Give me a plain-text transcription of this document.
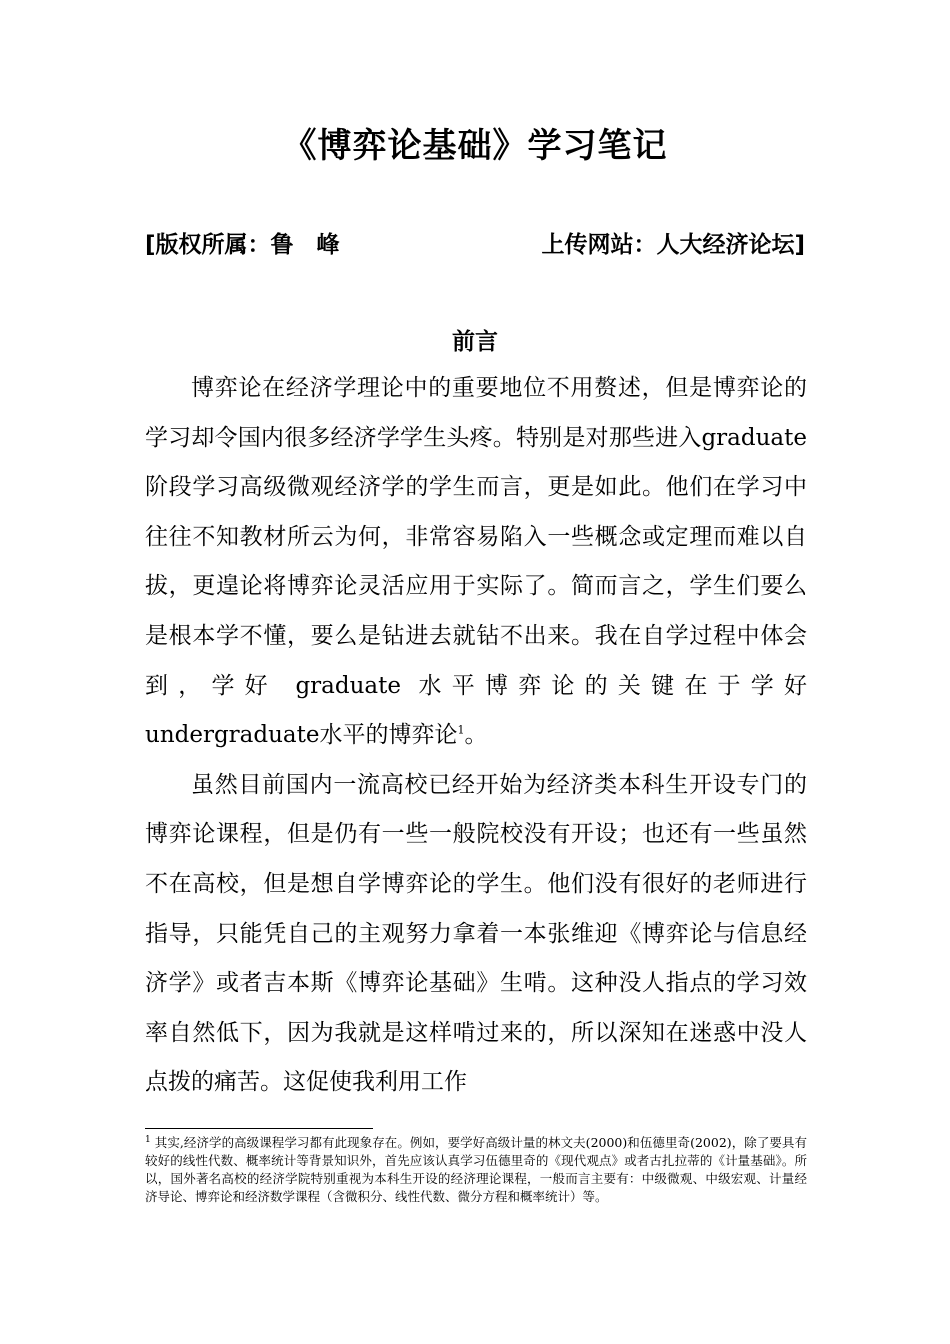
《博弈论基础》学习笔记
[版权所属：鲁　峰	上传网站：人大经济论坛]
前言

博弈论在经济学理论中的重要地位不用赘述，但是博弈论的学习却令国内很多经济学学生头疼。特别是对那些进入graduate阶段学习高级微观经济学的学生而言，更是如此。他们在学习中往往不知教材所云为何，非常容易陷入一些概念或定理而难以自拔，更遑论将博弈论灵活应用于实际了。简而言之，学生们要么是根本学不懂，要么是钻进去就钻不出来。我在自学过程中体会到，学好 graduate 水平博弈论的关键在于学好undergraduate水平的博弈论$^1$。

虽然目前国内一流高校已经开始为经济类本科生开设专门的博弈论课程，但是仍有一些一般院校没有开设；也还有一些虽然不在高校，但是想自学博弈论的学生。他们没有很好的老师进行指导，只能凭自己的主观努力拿着一本张维迎《博弈论与信息经济学》或者吉本斯《博弈论基础》生啃。这种没人指点的学习效率自然低下，因为我就是这样啃过来的，所以深知在迷惑中没人点拨的痛苦。这促使我利用工作

$^1$ 其实,经济学的高级课程学习都有此现象存在。例如，要学好高级计量的林文夫(2000)和伍德里奇(2002)，除了要具有较好的线性代数、概率统计等背景知识外，首先应该认真学习伍德里奇的《现代观点》或者古扎拉蒂的《计量基础》。所以，国外著名高校的经济学院特别重视为本科生开设的经济理论课程，一般而言主要有：中级微观、中级宏观、计量经济导论、博弈论和经济数学课程（含微积分、线性代数、微分方程和概率统计）等。
